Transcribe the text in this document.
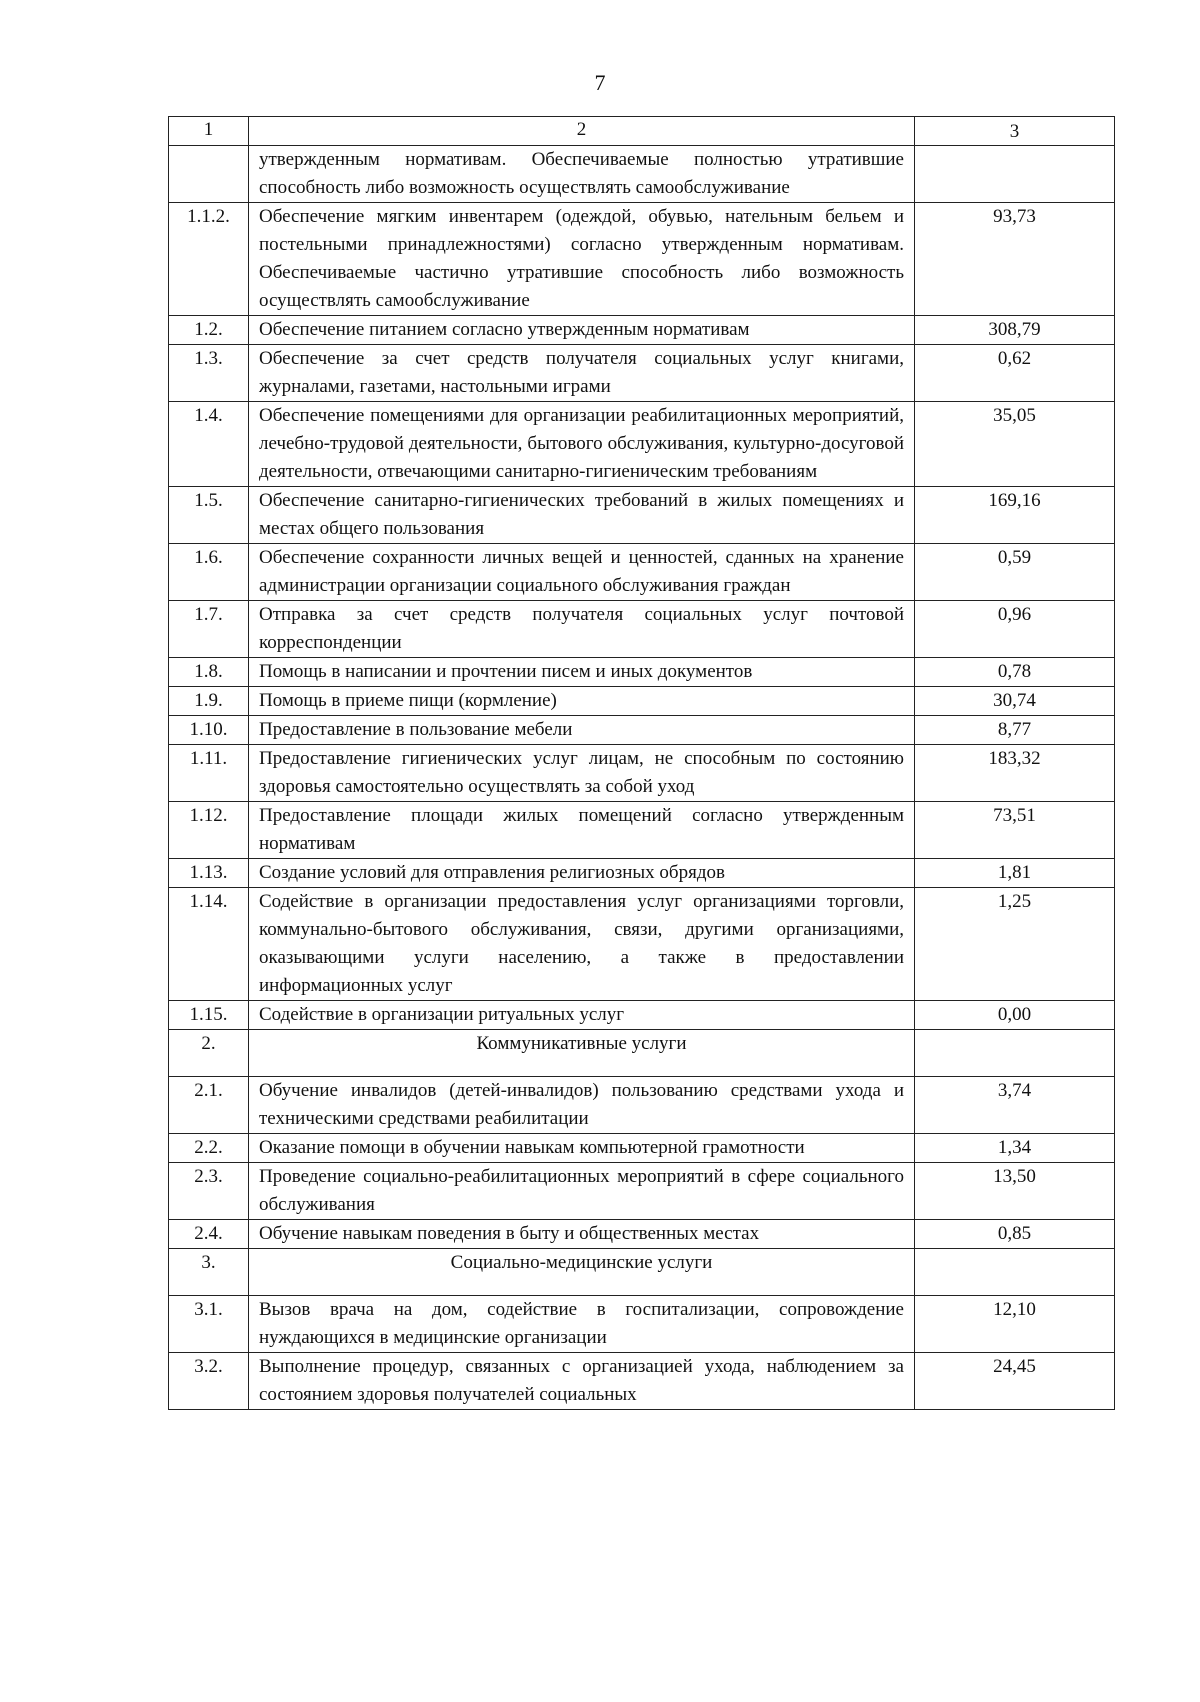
7
1	2	3
	утвержденным нормативам. Обеспечиваемые полностью утратившие способность либо возможность осуществлять самообслуживание	
1.1.2.	Обеспечение мягким инвентарем (одеждой, обувью, нательным бельем и постельными принадлежностями) согласно утвержденным нормативам. Обеспечиваемые частично утратившие способность либо возможность осуществлять самообслуживание	93,73
1.2.	Обеспечение питанием согласно утвержденным нормативам	308,79
1.3.	Обеспечение за счет средств получателя социальных услуг книгами, журналами, газетами, настольными играми	0,62
1.4.	Обеспечение помещениями для организации реабилитационных мероприятий, лечебно-трудовой деятельности, бытового обслуживания, культурно-досуговой деятельности, отвечающими санитарно-гигиеническим требованиям	35,05
1.5.	Обеспечение санитарно-гигиенических требований в жилых помещениях и местах общего пользования	169,16
1.6.	Обеспечение сохранности личных вещей и ценностей, сданных на хранение администрации организации социального обслуживания граждан	0,59
1.7.	Отправка за счет средств получателя социальных услуг почтовой корреспонденции	0,96
1.8.	Помощь в написании и прочтении писем и иных документов	0,78
1.9.	Помощь в приеме пищи (кормление)	30,74
1.10.	Предоставление в пользование мебели	8,77
1.11.	Предоставление гигиенических услуг лицам, не способным по состоянию здоровья самостоятельно осуществлять за собой уход	183,32
1.12.	Предоставление площади жилых помещений согласно утвержденным нормативам	73,51
1.13.	Создание условий для отправления религиозных обрядов	1,81
1.14.	Содействие в организации предоставления услуг организациями торговли, коммунально-бытового обслуживания, связи, другими организациями, оказывающими услуги населению, а также в предоставлении информационных услуг	1,25
1.15.	Содействие в организации ритуальных услуг	0,00
2.	Коммуникативные услуги	
2.1.	Обучение инвалидов (детей-инвалидов) пользованию средствами ухода и техническими средствами реабилитации	3,74
2.2.	Оказание помощи в обучении навыкам компьютерной грамотности	1,34
2.3.	Проведение социально-реабилитационных мероприятий в сфере социального обслуживания	13,50
2.4.	Обучение навыкам поведения в быту и общественных местах	0,85
3.	Социально-медицинские услуги	
3.1.	Вызов врача на дом, содействие в госпитализации, сопровождение нуждающихся в медицинские организации	12,10
3.2.	Выполнение процедур, связанных с организацией ухода, наблюдением за состоянием здоровья получателей социальных	24,45
